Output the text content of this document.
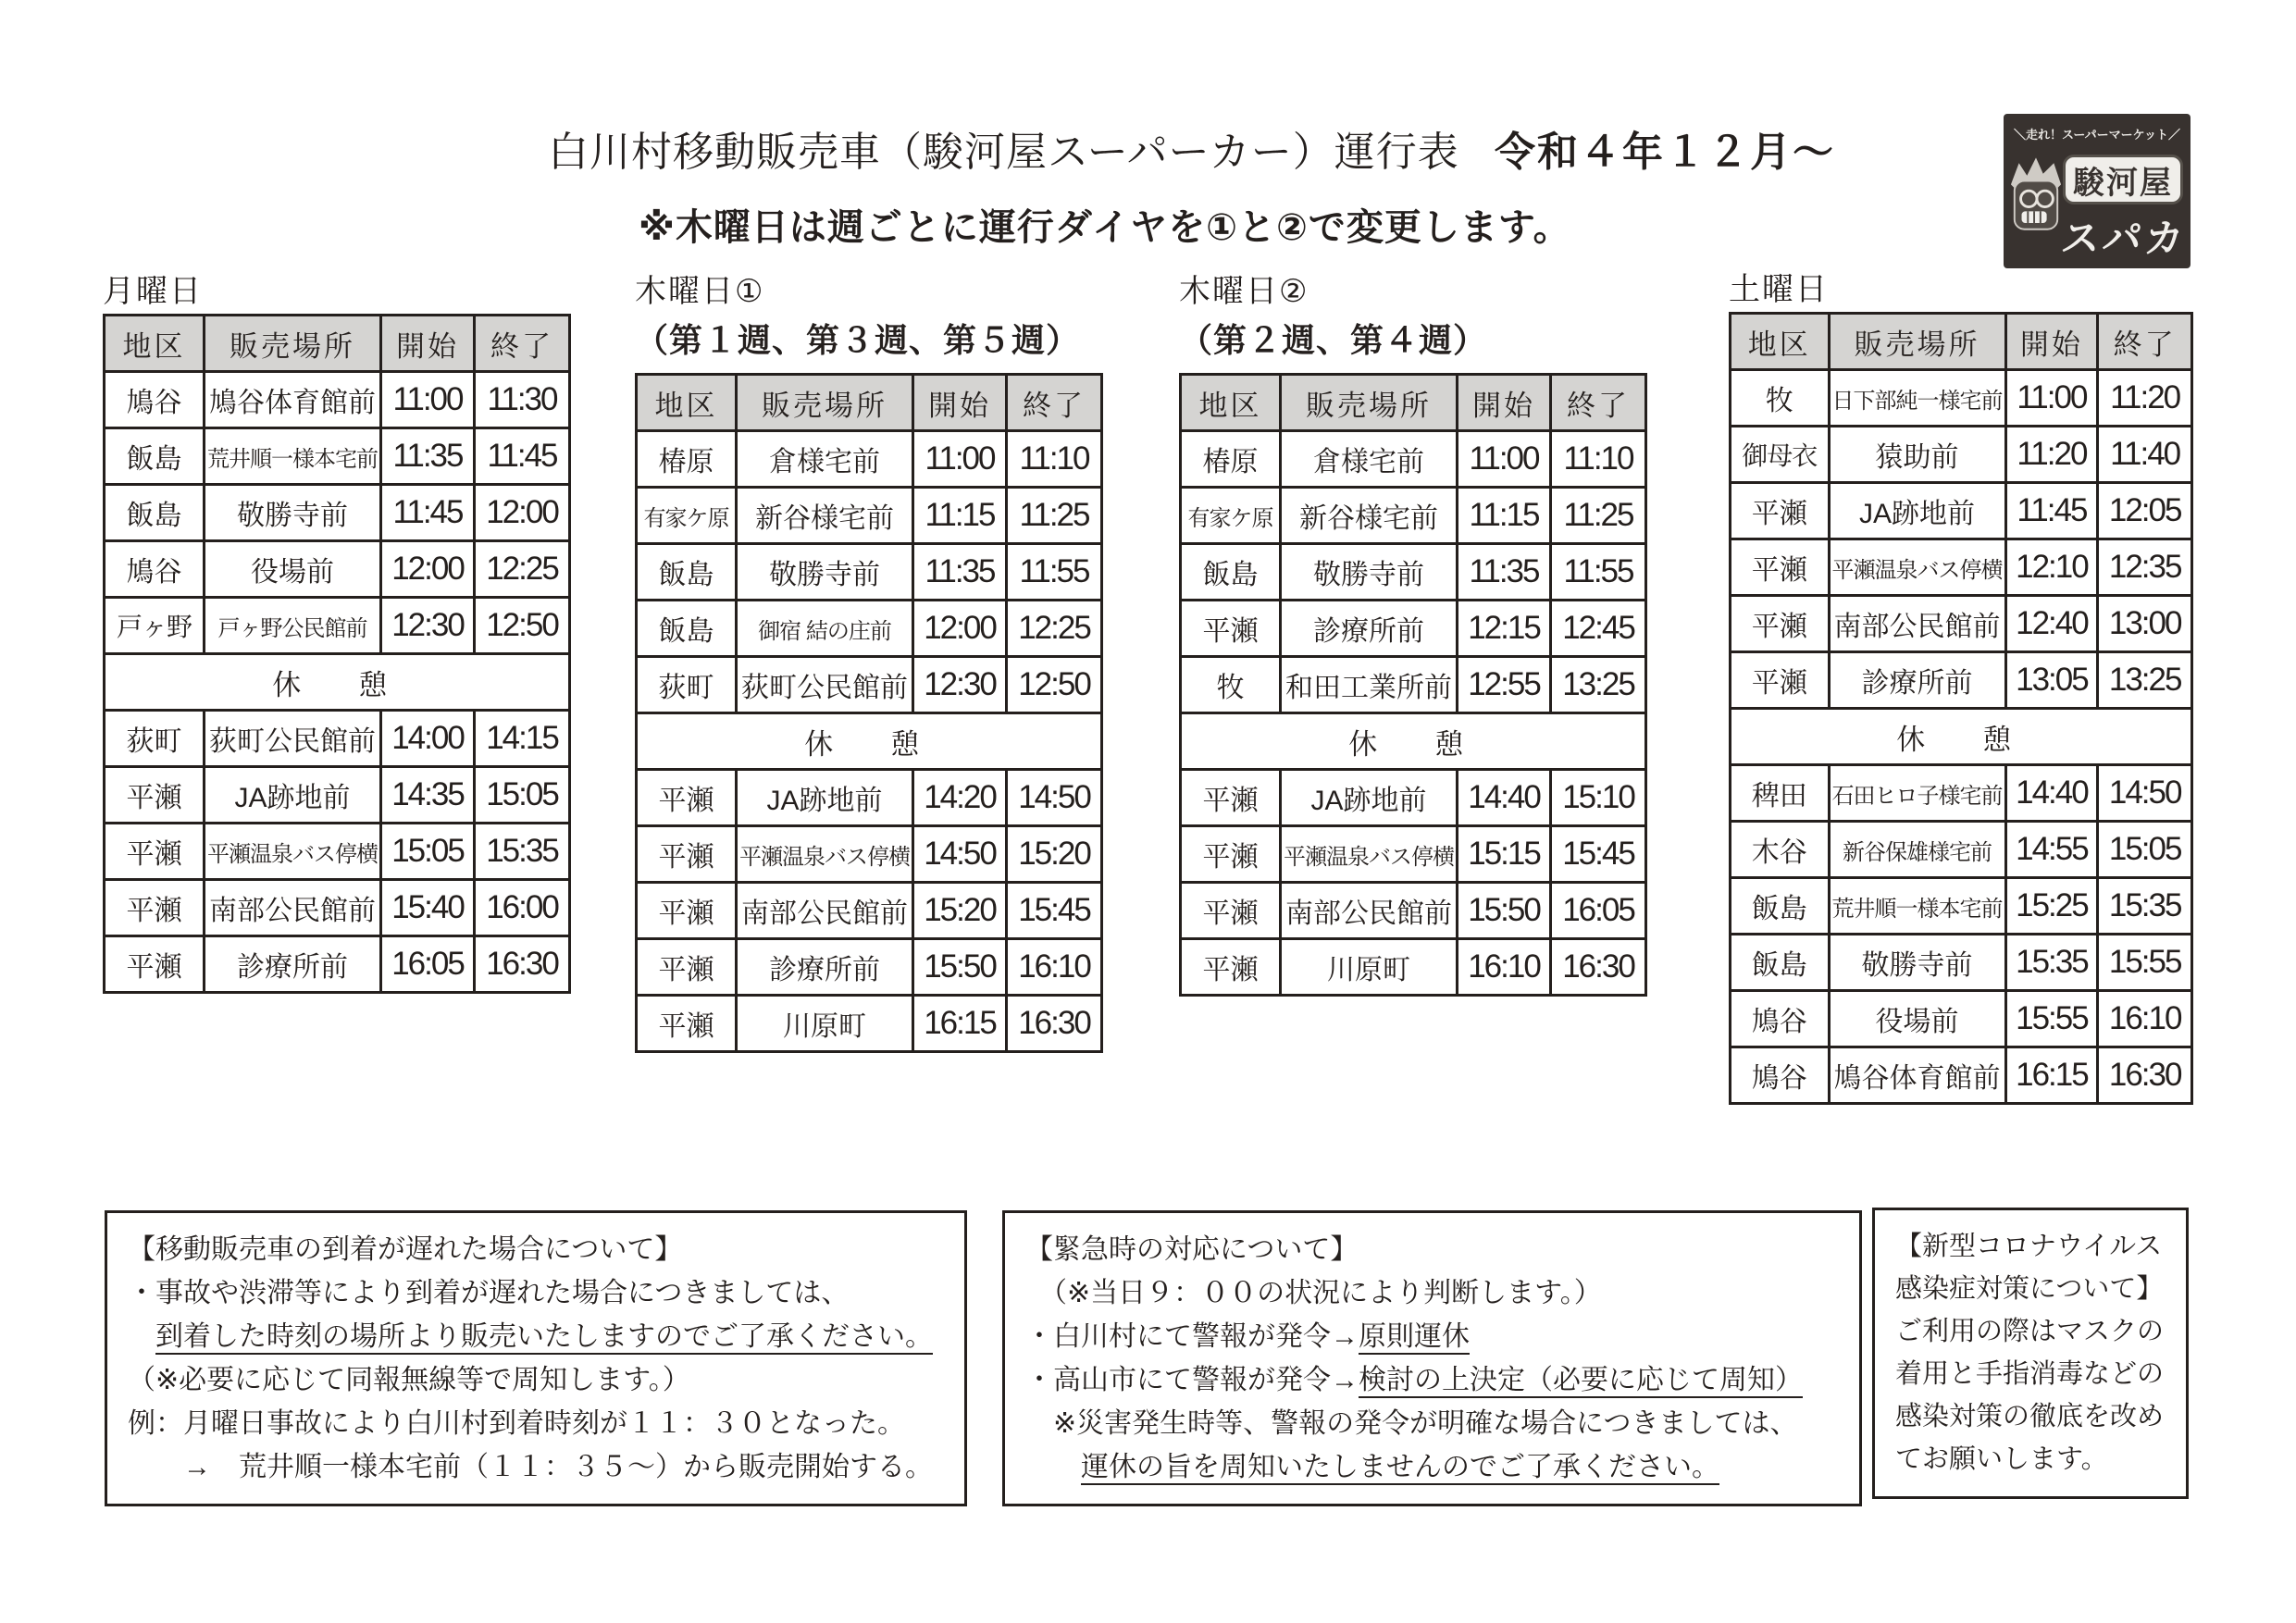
白川村移動販売車（駿河屋スーパーカー）運行表 令和４年１２月～
※木曜日は週ごとに運行ダイヤを①と②で変更します。
＼走れ！スーパーマーケット／
駿河屋
スパカ
月曜日
地区	販売場所	開始	終了
鳩谷	鳩谷体育館前	11:00	11:30
飯島	荒井順一様本宅前	11:35	11:45
飯島	敬勝寺前	11:45	12:00
鳩谷	役場前	12:00	12:25
戸ヶ野	戸ヶ野公民館前	12:30	12:50
休　憩			
荻町	荻町公民館前	14:00	14:15
平瀬	JA跡地前	14:35	15:05
平瀬	平瀬温泉バス停横	15:05	15:35
平瀬	南部公民館前	15:40	16:00
平瀬	診療所前	16:05	16:30
木曜日①
（第１週、第３週、第５週）
地区	販売場所	開始	終了
椿原	倉様宅前	11:00	11:10
有家ケ原	新谷様宅前	11:15	11:25
飯島	敬勝寺前	11:35	11:55
飯島	御宿 結の庄前	12:00	12:25
荻町	荻町公民館前	12:30	12:50
休　憩			
平瀬	JA跡地前	14:20	14:50
平瀬	平瀬温泉バス停横	14:50	15:20
平瀬	南部公民館前	15:20	15:45
平瀬	診療所前	15:50	16:10
平瀬	川原町	16:15	16:30
木曜日②
（第２週、第４週）
地区	販売場所	開始	終了
椿原	倉様宅前	11:00	11:10
有家ケ原	新谷様宅前	11:15	11:25
飯島	敬勝寺前	11:35	11:55
平瀬	診療所前	12:15	12:45
牧	和田工業所前	12:55	13:25
休　憩			
平瀬	JA跡地前	14:40	15:10
平瀬	平瀬温泉バス停横	15:15	15:45
平瀬	南部公民館前	15:50	16:05
平瀬	川原町	16:10	16:30
土曜日
地区	販売場所	開始	終了
牧	日下部純一様宅前	11:00	11:20
御母衣	猿助前	11:20	11:40
平瀬	JA跡地前	11:45	12:05
平瀬	平瀬温泉バス停横	12:10	12:35
平瀬	南部公民館前	12:40	13:00
平瀬	診療所前	13:05	13:25
休　憩			
稗田	石田ヒロ子様宅前	14:40	14:50
木谷	新谷保雄様宅前	14:55	15:05
飯島	荒井順一様本宅前	15:25	15:35
飯島	敬勝寺前	15:35	15:55
鳩谷	役場前	15:55	16:10
鳩谷	鳩谷体育館前	16:15	16:30
【移動販売車の到着が遅れた場合について】
・事故や渋滞等により到着が遅れた場合につきましては、
　到着した時刻の場所より販売いたしますのでご了承ください。
（※必要に応じて同報無線等で周知します。）
例：月曜日事故により白川村到着時刻が１１：３０となった。
　　→　荒井順一様本宅前（１１：３５～）から販売開始する。
【緊急時の対応について】
　（※当日９：００の状況により判断します。）
・白川村にて警報が発令→原則運休
・高山市にて警報が発令→検討の上決定（必要に応じて周知）
　※災害発生時等、警報の発令が明確な場合につきましては、
　　運休の旨を周知いたしませんのでご了承ください。
【新型コロナウイルス
感染症対策について】
ご利用の際はマスクの
着用と手指消毒などの
感染対策の徹底を改め
てお願いします。
